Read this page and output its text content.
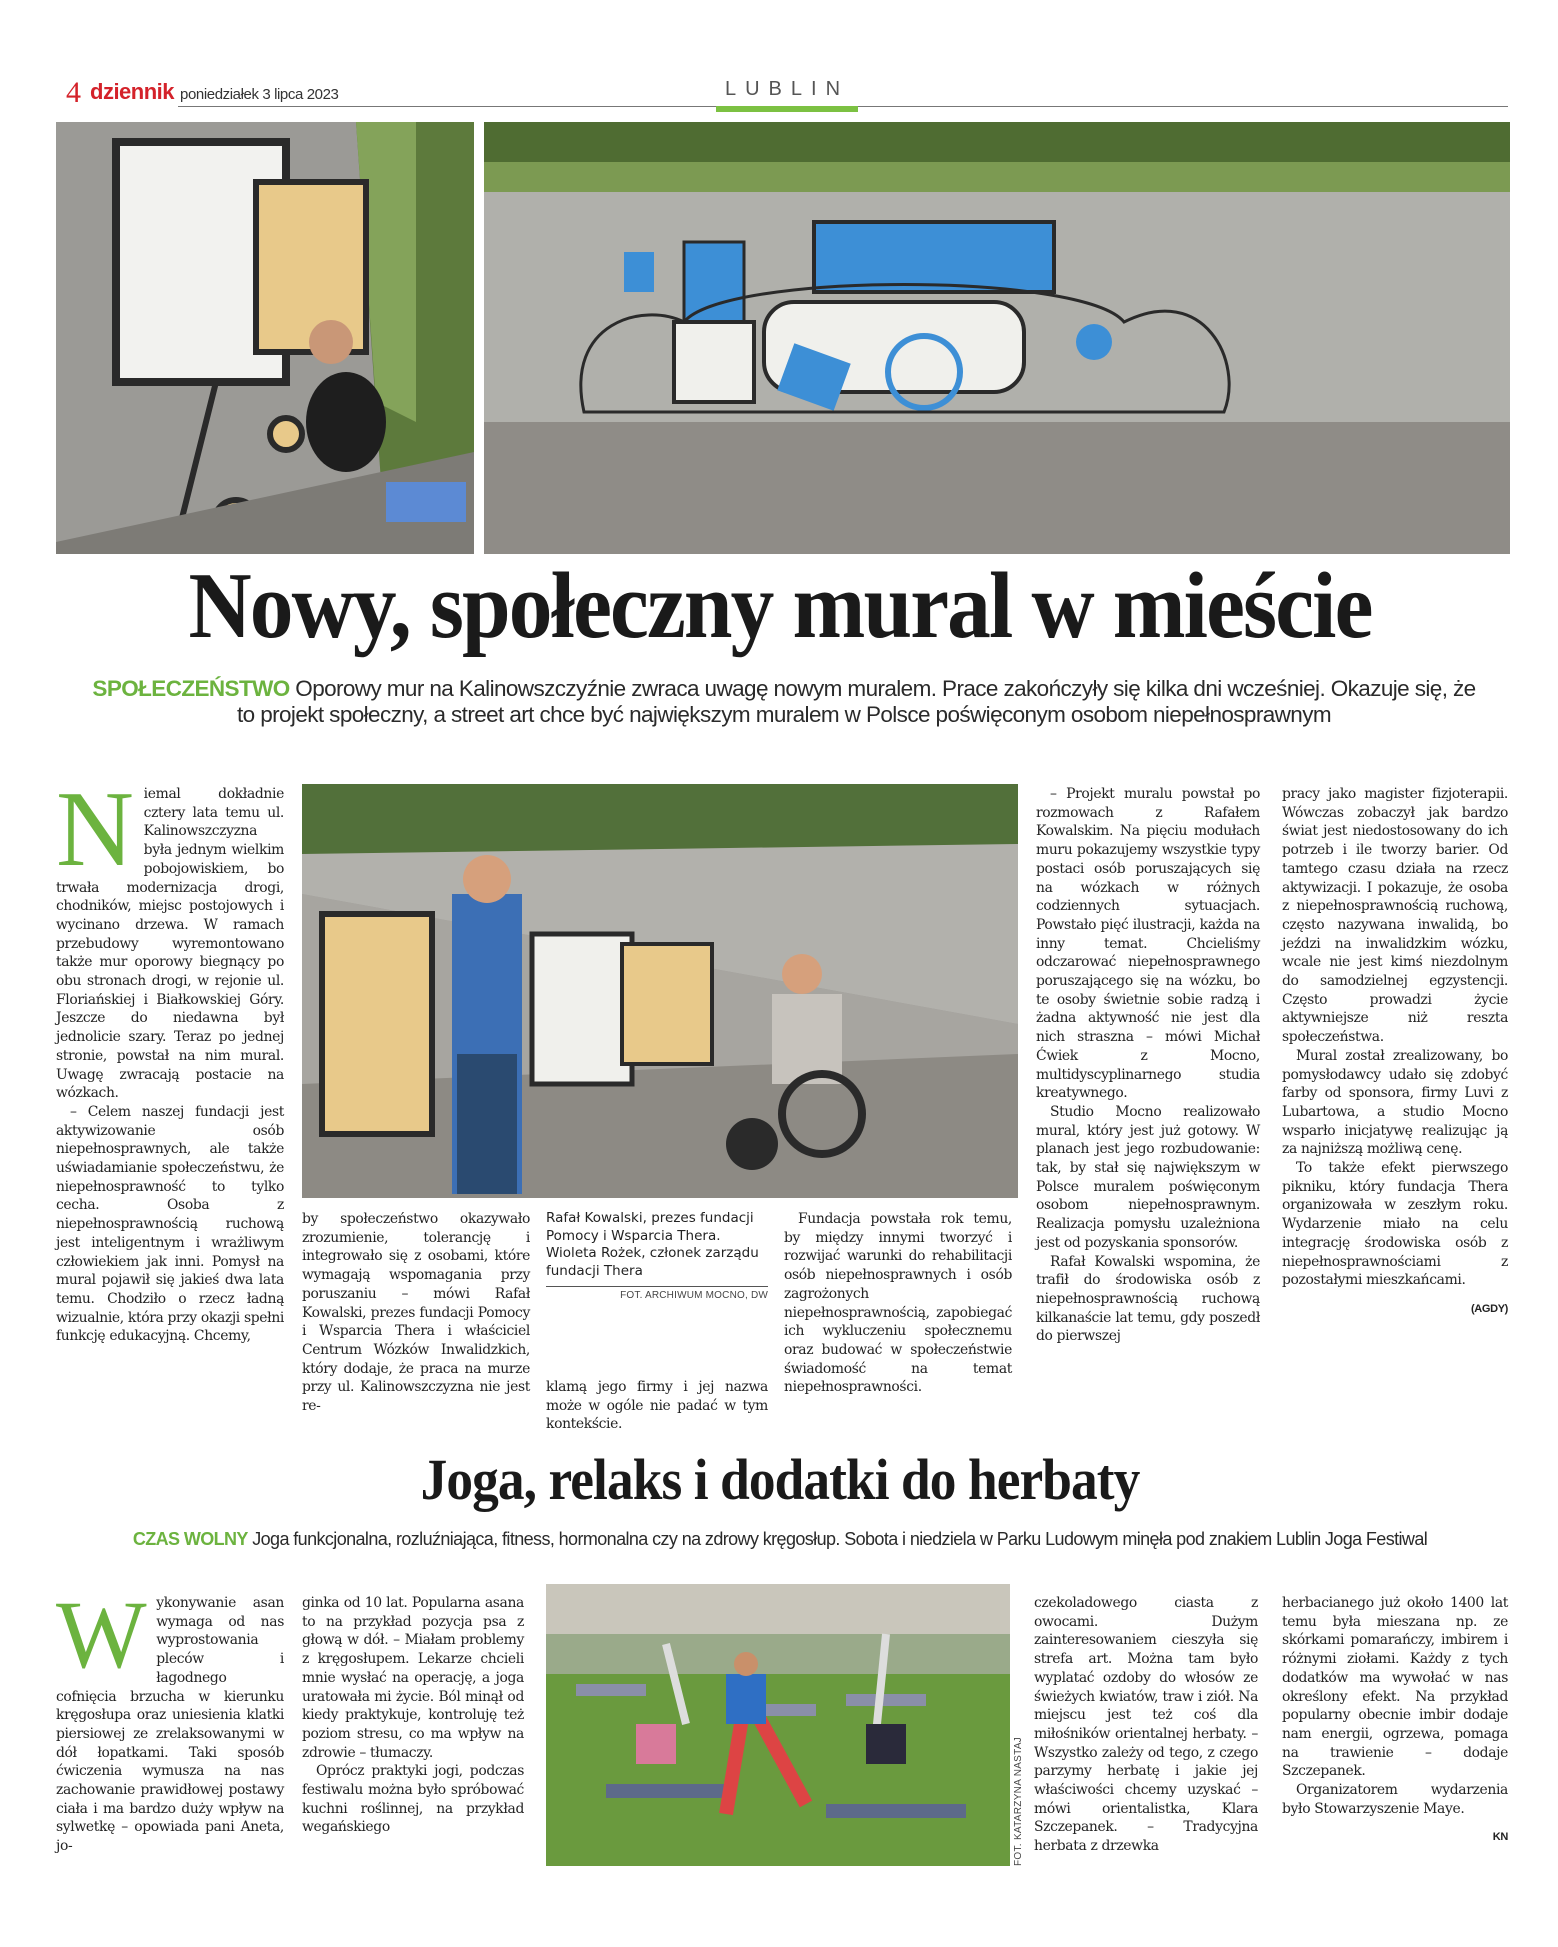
4 dziennik poniedziałek 3 lipca 2023	LUBLIN
Nowy, społeczny mural w mieście
SPOŁECZEŃSTWO Oporowy mur na Kalinowszczyźnie zwraca uwagę nowym muralem. Prace zakończyły się kilka dni wcześniej. Okazuje się, że to projekt społeczny, a street art chce być największym muralem w Polsce poświęconym osobom niepełnosprawnym
N iemal dokładnie cztery lata temu ul. Kalinowszczyzna była jednym wielkim pobojowiskiem, bo trwała modernizacja drogi, chodników, miejsc postojowych i wycinano drzewa. W ramach przebudowy wyremontowano także mur oporowy biegnący po obu stronach drogi, w rejonie ul. Floriańskiej i Białkowskiej Góry. Jeszcze do niedawna był jednolicie szary. Teraz po jednej stronie, powstał na nim mural. Uwagę zwracają postacie na wózkach.

– Celem naszej fundacji jest aktywizowanie osób niepełnosprawnych, ale także uświadamianie społeczeństwu, że niepełnosprawność to tylko cecha. Osoba z niepełnosprawnością ruchową jest inteligentnym i wrażliwym człowiekiem jak inni. Pomysł na mural pojawił się jakieś dwa lata temu. Chodziło o rzecz ładną wizualnie, która przy okazji spełni funkcję edukacyjną. Chcemy,

by społeczeństwo okazywało zrozumienie, tolerancję i integrowało się z osobami, które wymagają wspomagania przy poruszaniu – mówi Rafał Kowalski, prezes fundacji Pomocy i Wsparcia Thera i właściciel Centrum Wózków Inwalidzkich, który dodaje, że praca na murze przy ul. Kalinowszczyzna nie jest re-

Rafał Kowalski, prezes fundacji Pomocy i Wsparcia Thera. Wioleta Rożek, członek zarządu fundacji Thera
FOT. ARCHIWUM MOCNO, DW

klamą jego firmy i jej nazwa może w ogóle nie padać w tym kontekście.

Fundacja powstała rok temu, by między innymi tworzyć i rozwijać warunki do rehabilitacji osób niepełnosprawnych i osób zagrożonych niepełnosprawnością, zapobiegać ich wykluczeniu społecznemu oraz budować w społeczeństwie świadomość na temat niepełnosprawności.

– Projekt muralu powstał po rozmowach z Rafałem Kowalskim. Na pięciu modułach muru pokazujemy wszystkie typy postaci osób poruszających się na wózkach w różnych codziennych sytuacjach. Powstało pięć ilustracji, każda na inny temat. Chcieliśmy odczarować niepełnosprawnego poruszającego się na wózku, bo te osoby świetnie sobie radzą i żadna aktywność nie jest dla nich straszna – mówi Michał Ćwiek z Mocno, multidyscyplinarnego studia kreatywnego.

Studio Mocno realizowało mural, który jest już gotowy. W planach jest jego rozbudowanie: tak, by stał się największym w Polsce muralem poświęconym osobom niepełnosprawnym. Realizacja pomysłu uzależniona jest od pozyskania sponsorów.

Rafał Kowalski wspomina, że trafił do środowiska osób z niepełnosprawnością ruchową kilkanaście lat temu, gdy poszedł do pierwszej

pracy jako magister fizjoterapii. Wówczas zobaczył jak bardzo świat jest niedostosowany do ich potrzeb i ile tworzy barier. Od tamtego czasu działa na rzecz aktywizacji. I pokazuje, że osoba z niepełnosprawnością ruchową, często nazywana inwalidą, bo jeździ na inwalidzkim wózku, wcale nie jest kimś niezdolnym do samodzielnej egzystencji. Często prowadzi życie aktywniejsze niż reszta społeczeństwa.

Mural został zrealizowany, bo pomysłodawcy udało się zdobyć farby od sponsora, firmy Luvi z Lubartowa, a studio Mocno wsparło inicjatywę realizując ją za najniższą możliwą cenę.

To także efekt pierwszego pikniku, który fundacja Thera organizowała w zeszłym roku. Wydarzenie miało na celu integrację środowiska osób z niepełnosprawnościami z pozostałymi mieszkańcami.

(AGDY)
Joga, relaks i dodatki do herbaty
CZAS WOLNY Joga funkcjonalna, rozluźniająca, fitness, hormonalna czy na zdrowy kręgosłup. Sobota i niedziela w Parku Ludowym minęła pod znakiem Lublin Joga Festiwal
W ykonywanie asan wymaga od nas wyprostowania pleców i łagodnego cofnięcia brzucha w kierunku kręgosłupa oraz uniesienia klatki piersiowej ze zrelaksowanymi w dół łopatkami. Taki sposób ćwiczenia wymusza na nas zachowanie prawidłowej postawy ciała i ma bardzo duży wpływ na sylwetkę – opowiada pani Aneta, jo-

ginka od 10 lat. Popularna asana to na przykład pozycja psa z głową w dół. – Miałam problemy z kręgosłupem. Lekarze chcieli mnie wysłać na operację, a joga uratowała mi życie. Ból minął od kiedy praktykuje, kontroluję też poziom stresu, co ma wpływ na zdrowie – tłumaczy.

Oprócz praktyki jogi, podczas festiwalu można było spróbować kuchni roślinnej, na przykład wegańskiego	FOT. KATARZYNA NASTAJ

czekoladowego ciasta z owocami. Dużym zainteresowaniem cieszyła się strefa art. Można tam było wyplatać ozdoby do włosów ze świeżych kwiatów, traw i ziół. Na miejscu jest też coś dla miłośników orientalnej herbaty. – Wszystko zależy od tego, z czego parzymy herbatę i jakie jej właściwości chcemy uzyskać – mówi orientalistka, Klara Szczepanek. – Tradycyjna herbata z drzewka

herbacianego już około 1400 lat temu była mieszana np. ze skórkami pomarańczy, imbirem i różnymi ziołami. Każdy z tych dodatków ma wywołać w nas określony efekt. Na przykład popularny obecnie imbir dodaje nam energii, ogrzewa, pomaga na trawienie – dodaje Szczepanek.

Organizatorem wydarzenia było Stowarzyszenie Maye.

KN
